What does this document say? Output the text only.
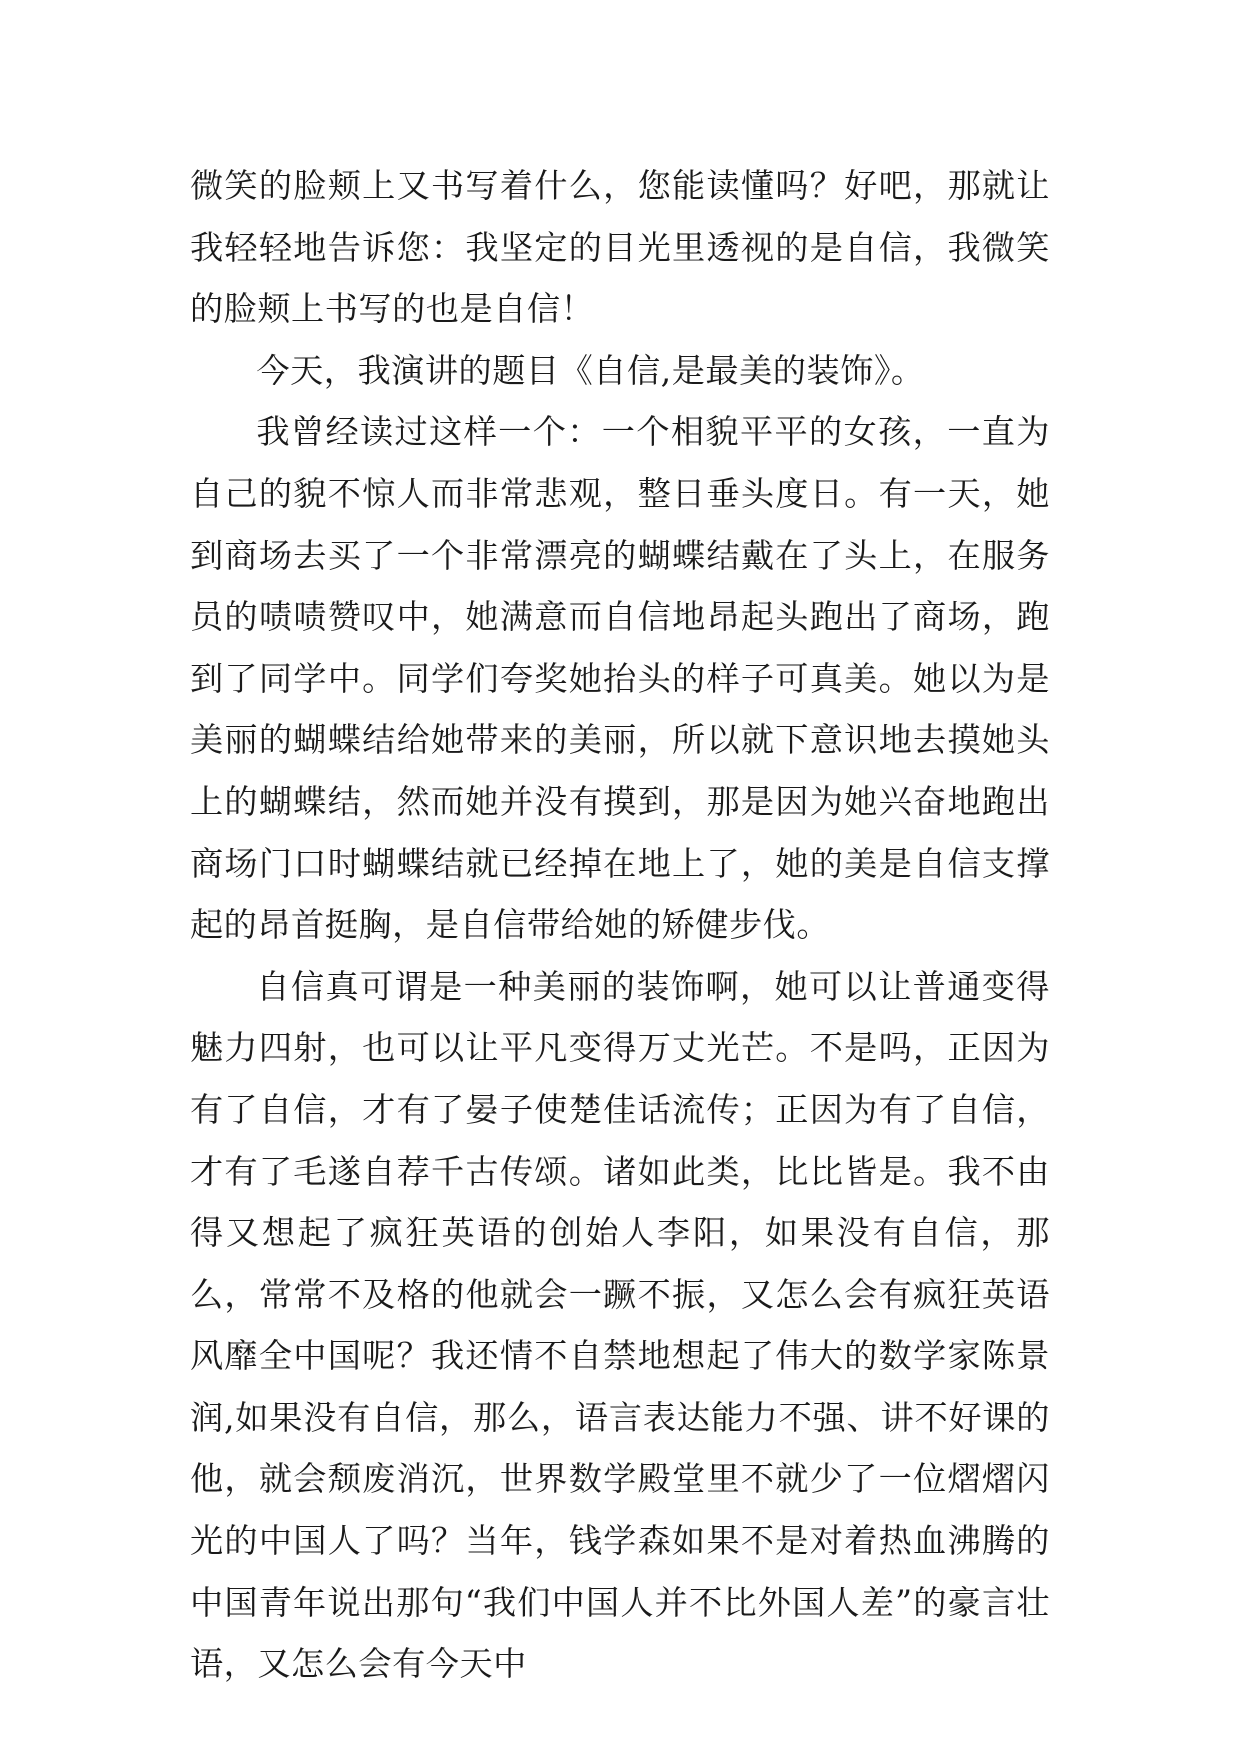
微笑的脸颊上又书写着什么，您能读懂吗？好吧，那就让我轻轻地告诉您：我坚定的目光里透视的是自信，我微笑的脸颊上书写的也是自信！

今天，我演讲的题目《自信,是最美的装饰》。

我曾经读过这样一个：一个相貌平平的女孩，一直为自己的貌不惊人而非常悲观，整日垂头度日。有一天，她到商场去买了一个非常漂亮的蝴蝶结戴在了头上，在服务员的啧啧赞叹中，她满意而自信地昂起头跑出了商场，跑到了同学中。同学们夸奖她抬头的样子可真美。她以为是美丽的蝴蝶结给她带来的美丽，所以就下意识地去摸她头上的蝴蝶结，然而她并没有摸到，那是因为她兴奋地跑出商场门口时蝴蝶结就已经掉在地上了，她的美是自信支撑起的昂首挺胸，是自信带给她的矫健步伐。

自信真可谓是一种美丽的装饰啊，她可以让普通变得魅力四射，也可以让平凡变得万丈光芒。不是吗，正因为有了自信，才有了晏子使楚佳话流传；正因为有了自信，才有了毛遂自荐千古传颂。诸如此类，比比皆是。我不由得又想起了疯狂英语的创始人李阳，如果没有自信，那么，常常不及格的他就会一蹶不振，又怎么会有疯狂英语风靡全中国呢？我还情不自禁地想起了伟大的数学家陈景润,如果没有自信，那么，语言表达能力不强、讲不好课的他，就会颓废消沉，世界数学殿堂里不就少了一位熠熠闪光的中国人了吗？当年，钱学森如果不是对着热血沸腾的中国青年说出那句“我们中国人并不比外国人差”的豪言壮语，又怎么会有今天中
